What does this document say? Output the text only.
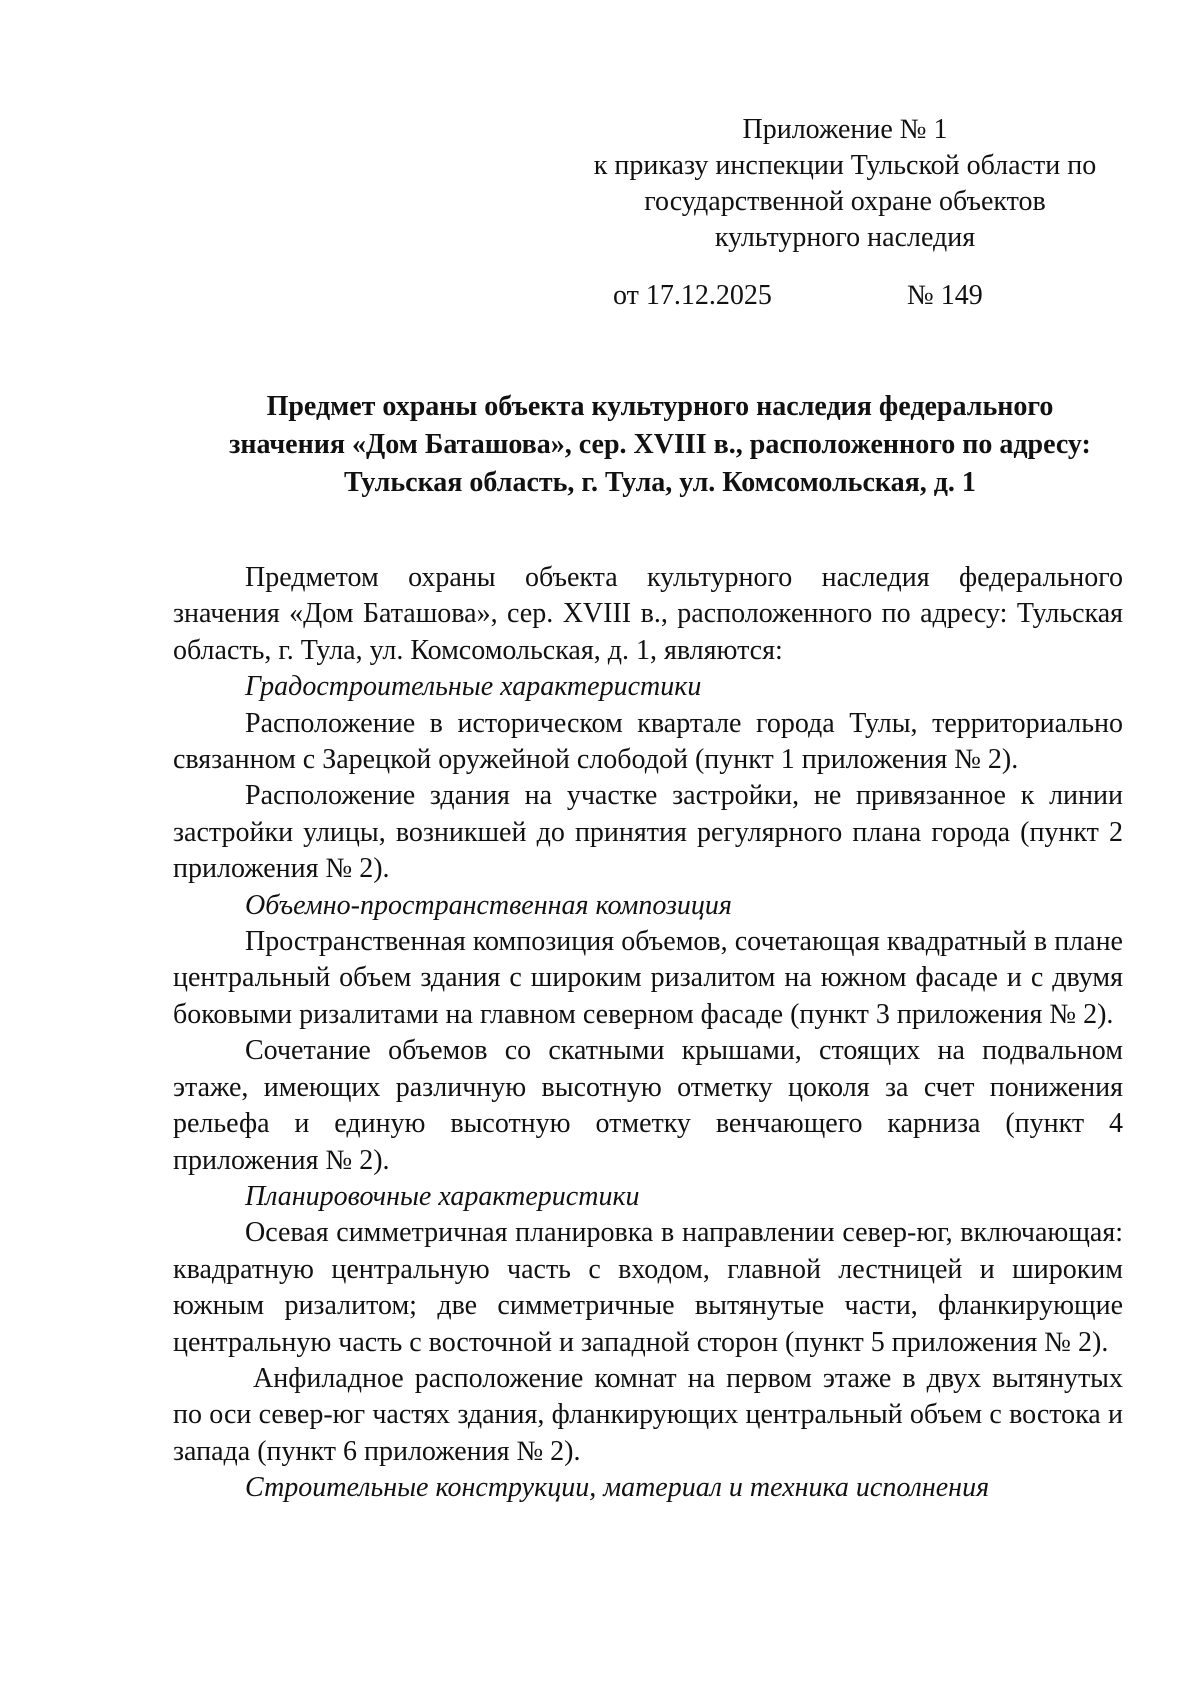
Приложение № 1
к приказу инспекции Тульской области по
государственной охране объектов
культурного наследия
от 17.12.2025	№ 149
Предмет охраны объекта культурного наследия федерального
значения «Дом Баташова», сер. XVIII в., расположенного по адресу:
Тульская область, г. Тула, ул. Комсомольская, д. 1

Предметом охраны объекта культурного наследия федерального значения «Дом Баташова», сер. XVIII в., расположенного по адресу: Тульская область, г. Тула, ул. Комсомольская, д. 1, являются:

Градостроительные характеристики

Расположение в историческом квартале города Тулы, территориально связанном с Зарецкой оружейной слободой (пункт 1 приложения № 2).

Расположение здания на участке застройки, не привязанное к линии застройки улицы, возникшей до принятия регулярного плана города (пункт 2 приложения № 2).

Объемно-пространственная композиция

Пространственная композиция объемов, сочетающая квадратный в плане центральный объем здания с широким ризалитом на южном фасаде и с двумя боковыми ризалитами на главном северном фасаде (пункт 3 приложения № 2).

Сочетание объемов со скатными крышами, стоящих на подвальном этаже, имеющих различную высотную отметку цоколя за счет понижения рельефа и единую высотную отметку венчающего карниза (пункт 4 приложения № 2).

Планировочные характеристики

Осевая симметричная планировка в направлении север-юг, включающая: квадратную центральную часть с входом, главной лестницей и широким южным ризалитом; две симметричные вытянутые части, фланкирующие центральную часть с восточной и западной сторон (пункт 5 приложения № 2).

Анфиладное расположение комнат на первом этаже в двух вытянутых по оси север-юг частях здания, фланкирующих центральный объем с востока и запада (пункт 6 приложения № 2).

Строительные конструкции, материал и техника исполнения
